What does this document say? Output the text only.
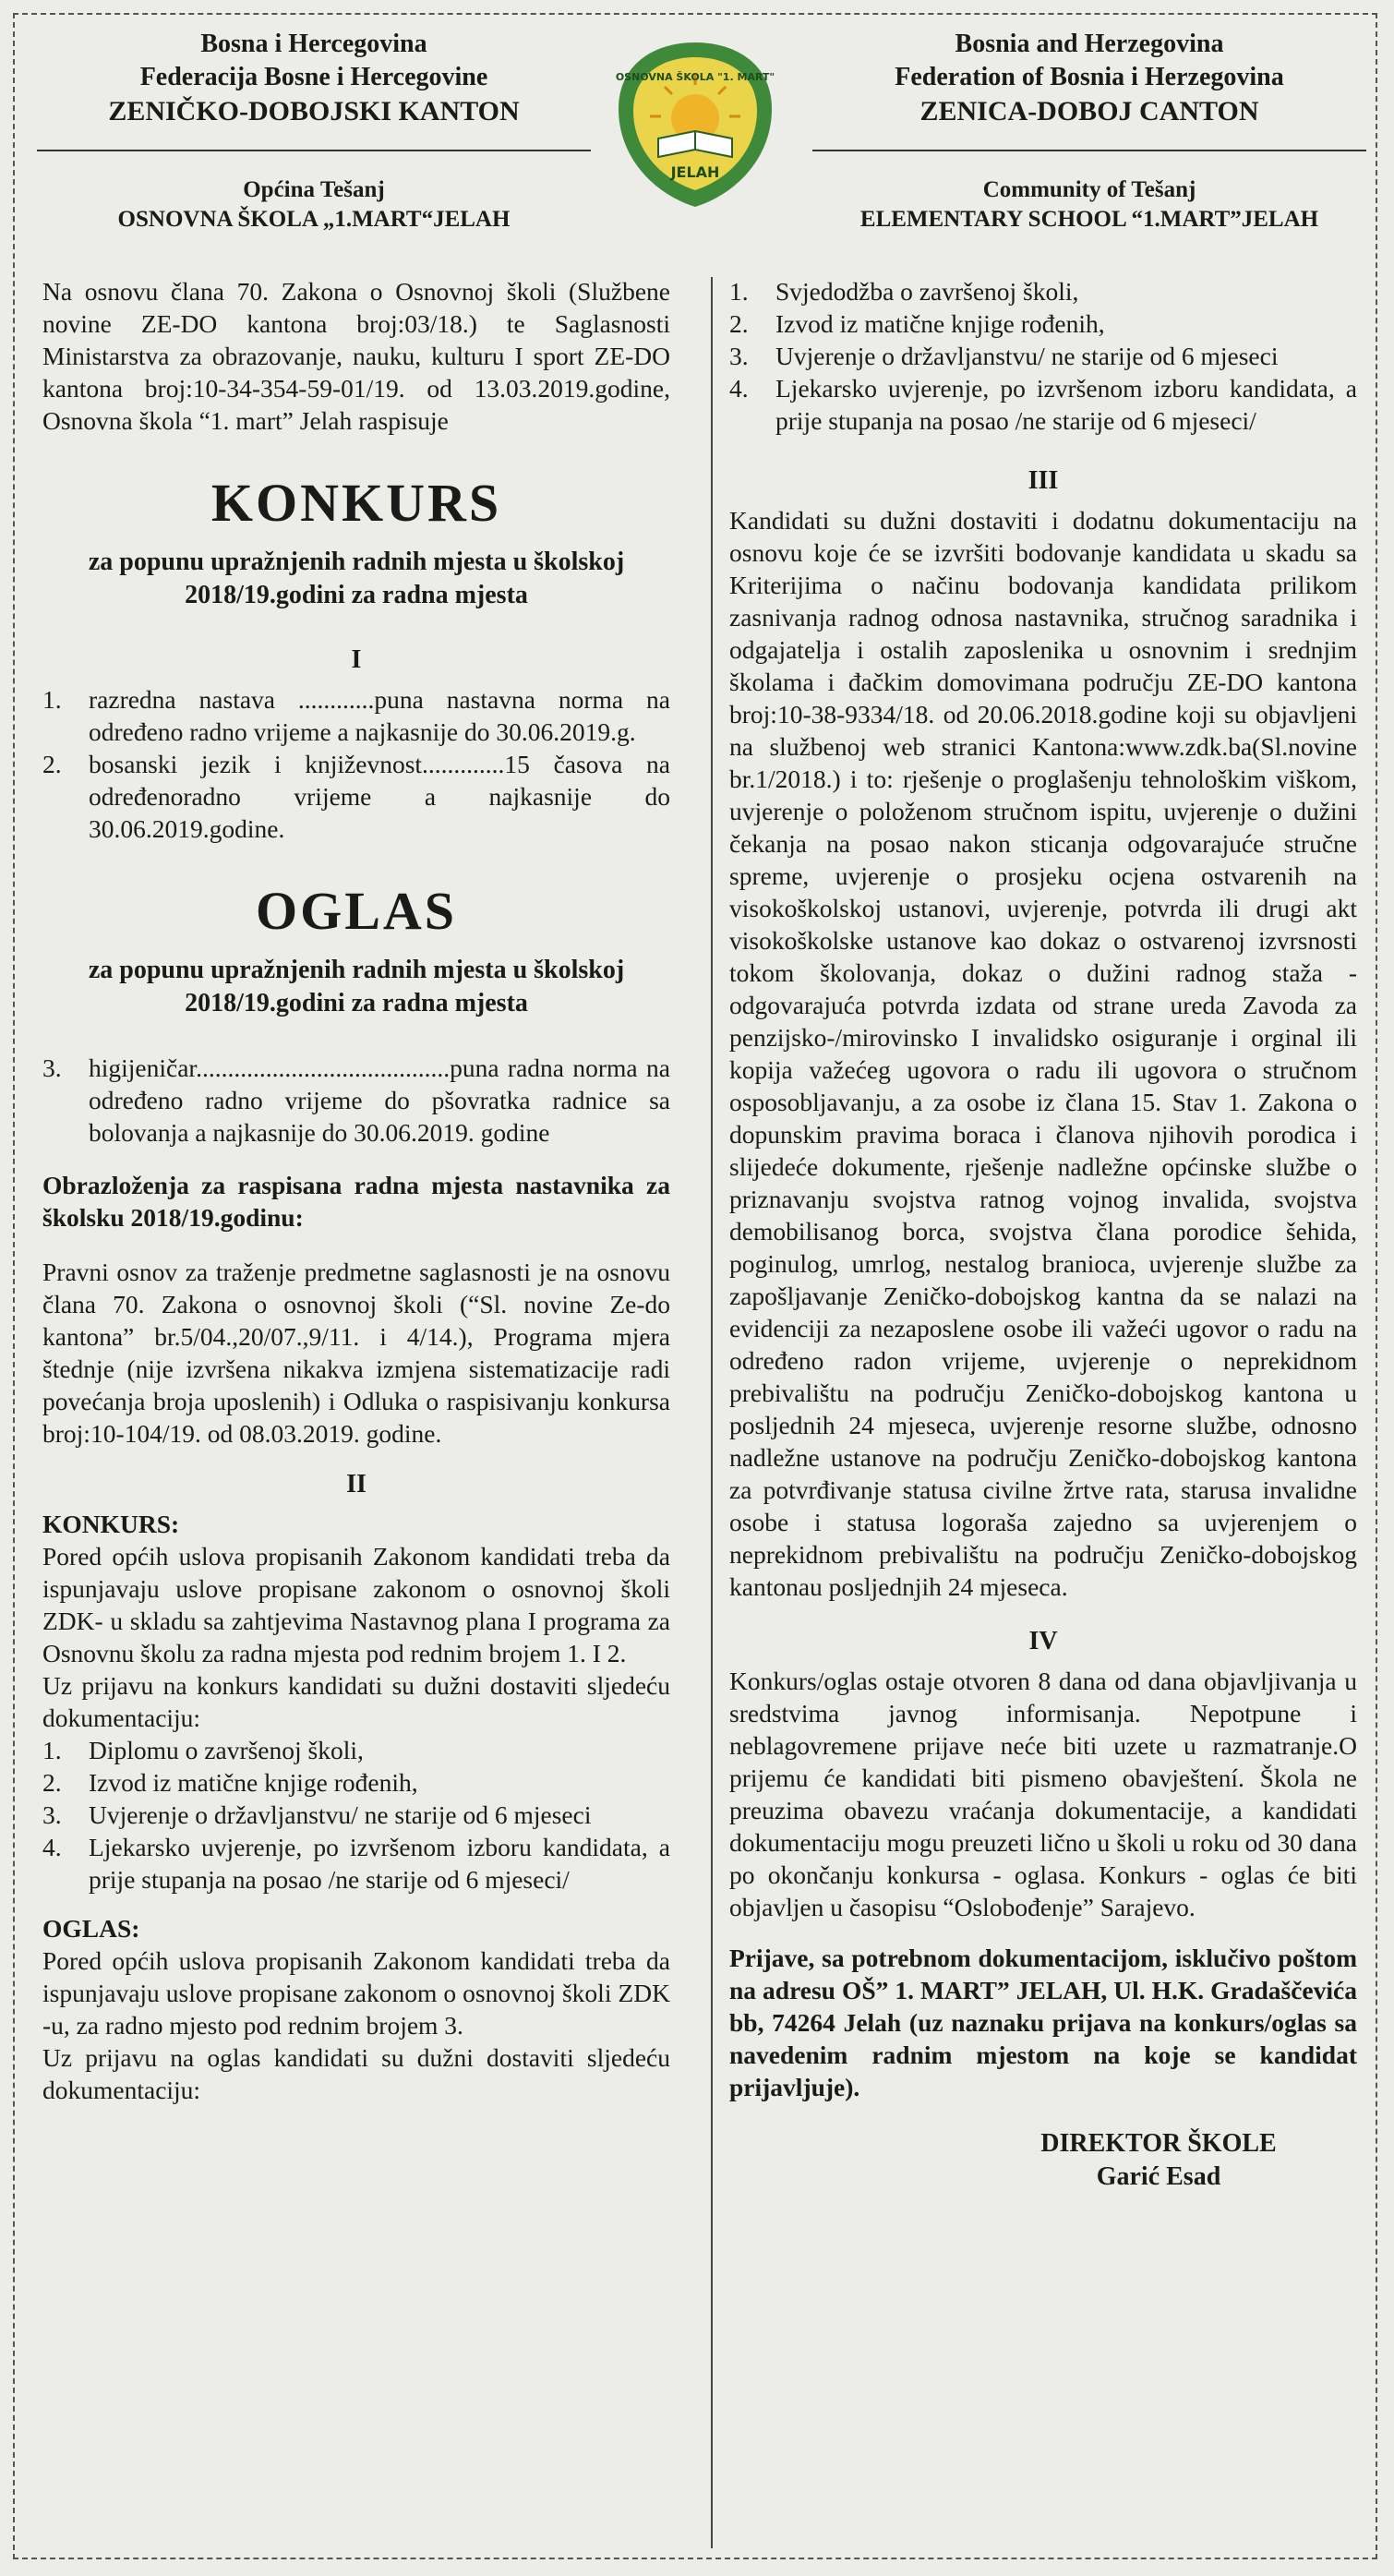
Bosna i Hercegovina
Federacija Bosne i Hercegovine
ZENIČKO-DOBOJSKI KANTON
Općina Tešanj
OSNOVNA ŠKOLA „1.MART“JELAH
Bosnia and Herzegovina
Federation of Bosnia i Herzegovina
ZENICA-DOBOJ CANTON
Community of Tešanj
ELEMENTARY SCHOOL “1.MART”JELAH
OSNOVNA ŠKOLA "1. MART"
JELAH

Na osnovu člana 70. Zakona o Osnovnoj školi (Službene novine ZE-DO kantona broj:03/18.) te Saglasnosti Ministarstva za obrazovanje, nauku, kulturu I sport ZE-DO kantona broj:10-34-354-59-01/19. od 13.03.2019.godine, Osnovna škola “1. mart” Jelah raspisuje

KONKURS
za popunu upražnjenih radnih mjesta u školskoj 2018/19.godini za radna mjesta
I
1.	razredna nastava ............puna nastavna norma na određeno radno vrijeme a najkasnije do 30.06.2019.g.
2.	bosanski jezik i književnost.............15 časova na određenoradno vrijeme a najkasnije do 30.06.2019.godine.
OGLAS
za popunu upražnjenih radnih mjesta u školskoj 2018/19.godini za radna mjesta
3.	higijeničar........................................puna radna norma na određeno radno vrijeme do pšovratka radnice sa bolovanja a najkasnije do 30.06.2019. godine

Obrazloženja za raspisana radna mjesta nastavnika za školsku 2018/19.godinu:

Pravni osnov za traženje predmetne saglasnosti je na osnovu člana 70. Zakona o osnovnoj školi (“Sl. novine Ze-do kantona” br.5/04.,20/07.,9/11. i 4/14.), Programa mjera štednje (nije izvršena nikakva izmjena sistematizacije radi povećanja broja uposlenih) i Odluka o raspisivanju konkursa broj:10-104/19. od 08.03.2019. godine.

II
KONKURS:
Pored općih uslova propisanih Zakonom kandidati treba da ispunjavaju uslove propisane zakonom o osnovnoj školi ZDK- u skladu sa zahtjevima Nastavnog plana I programa za Osnovnu školu za radna mjesta pod rednim brojem 1. I 2.
Uz prijavu na konkurs kandidati su dužni dostaviti sljedeću dokumentaciju:
1.	Diplomu o završenoj školi,
2.	Izvod iz matične knjige rođenih,
3.	Uvjerenje o državljanstvu/ ne starije od 6 mjeseci
4.	Ljekarsko uvjerenje, po izvršenom izboru kandidata, a prije stupanja na posao /ne starije od 6 mjeseci/
OGLAS:
Pored općih uslova propisanih Zakonom kandidati treba da ispunjavaju uslove propisane zakonom o osnovnoj školi ZDK -u, za radno mjesto pod rednim brojem 3.
Uz prijavu na oglas kandidati su dužni dostaviti sljedeću dokumentaciju:
1.	Svjedodžba o završenoj školi,
2.	Izvod iz matične knjige rođenih,
3.	Uvjerenje o državljanstvu/ ne starije od 6 mjeseci
4.	Ljekarsko uvjerenje, po izvršenom izboru kandidata, a prije stupanja na posao /ne starije od 6 mjeseci/
III

Kandidati su dužni dostaviti i dodatnu dokumentaciju na osnovu koje će se izvršiti bodovanje kandidata u skadu sa Kriterijima o načinu bodovanja kandidata prilikom zasnivanja radnog odnosa nastavnika, stručnog saradnika i odgajatelja i ostalih zaposlenika u osnovnim i srednjim školama i đačkim domovimana području ZE-DO kantona broj:10-38-9334/18. od 20.06.2018.godine koji su objavljeni na službenoj web stranici Kantona:www.zdk.ba(Sl.novine br.1/2018.) i to: rješenje o proglašenju tehnološkim viškom, uvjerenje o položenom stručnom ispitu, uvjerenje o dužini čekanja na posao nakon sticanja odgovarajuće stručne spreme, uvjerenje o prosjeku ocjena ostvarenih na visokoškolskoj ustanovi, uvjerenje, potvrda ili drugi akt visokoškolske ustanove kao dokaz o ostvarenoj izvrsnosti tokom školovanja, dokaz o dužini radnog staža - odgovarajuća potvrda izdata od strane ureda Zavoda za penzijsko-/mirovinsko I invalidsko osiguranje i orginal ili kopija važećeg ugovora o radu ili ugovora o stručnom osposobljavanju, a za osobe iz člana 15. Stav 1. Zakona o dopunskim pravima boraca i članova njihovih porodica i slijedeće dokumente, rješenje nadležne općinske službe o priznavanju svojstva ratnog vojnog invalida, svojstva demobilisanog borca, svojstva člana porodice šehida, poginulog, umrlog, nestalog branioca, uvjerenje službe za zapošljavanje Zeničko-dobojskog kantna da se nalazi na evidenciji za nezaposlene osobe ili važeći ugovor o radu na određeno radon vrijeme, uvjerenje o neprekidnom prebivalištu na području Zeničko-dobojskog kantona u posljednih 24 mjeseca, uvjerenje resorne službe, odnosno nadležne ustanove na području Zeničko-dobojskog kantona za potvrđivanje statusa civilne žrtve rata, starusa invalidne osobe i statusa logoraša zajedno sa uvjerenjem o neprekidnom prebivalištu na području Zeničko-dobojskog kantonau posljednjih 24 mjeseca.

IV

Konkurs/oglas ostaje otvoren 8 dana od dana objavljivanja u sredstvima javnog informisanja. Nepotpune i neblagovremene prijave neće biti uzete u razmatranje.O prijemu će kandidati biti pismeno obavještení. Škola ne preuzima obavezu vraćanja dokumentacije, a kandidati dokumentaciju mogu preuzeti lično u školi u roku od 30 dana po okončanju konkursa - oglasa. Konkurs - oglas će biti objavljen u časopisu “Oslobođenje” Sarajevo.

Prijave, sa potrebnom dokumentacijom, isklučivo poštom na adresu OŠ” 1. MART” JELAH, Ul. H.K. Gradaščevića bb, 74264 Jelah (uz naznaku prijava na konkurs/oglas sa navedenim radnim mjestom na koje se kandidat prijavljuje).

DIREKTOR ŠKOLE
Garić Esad
